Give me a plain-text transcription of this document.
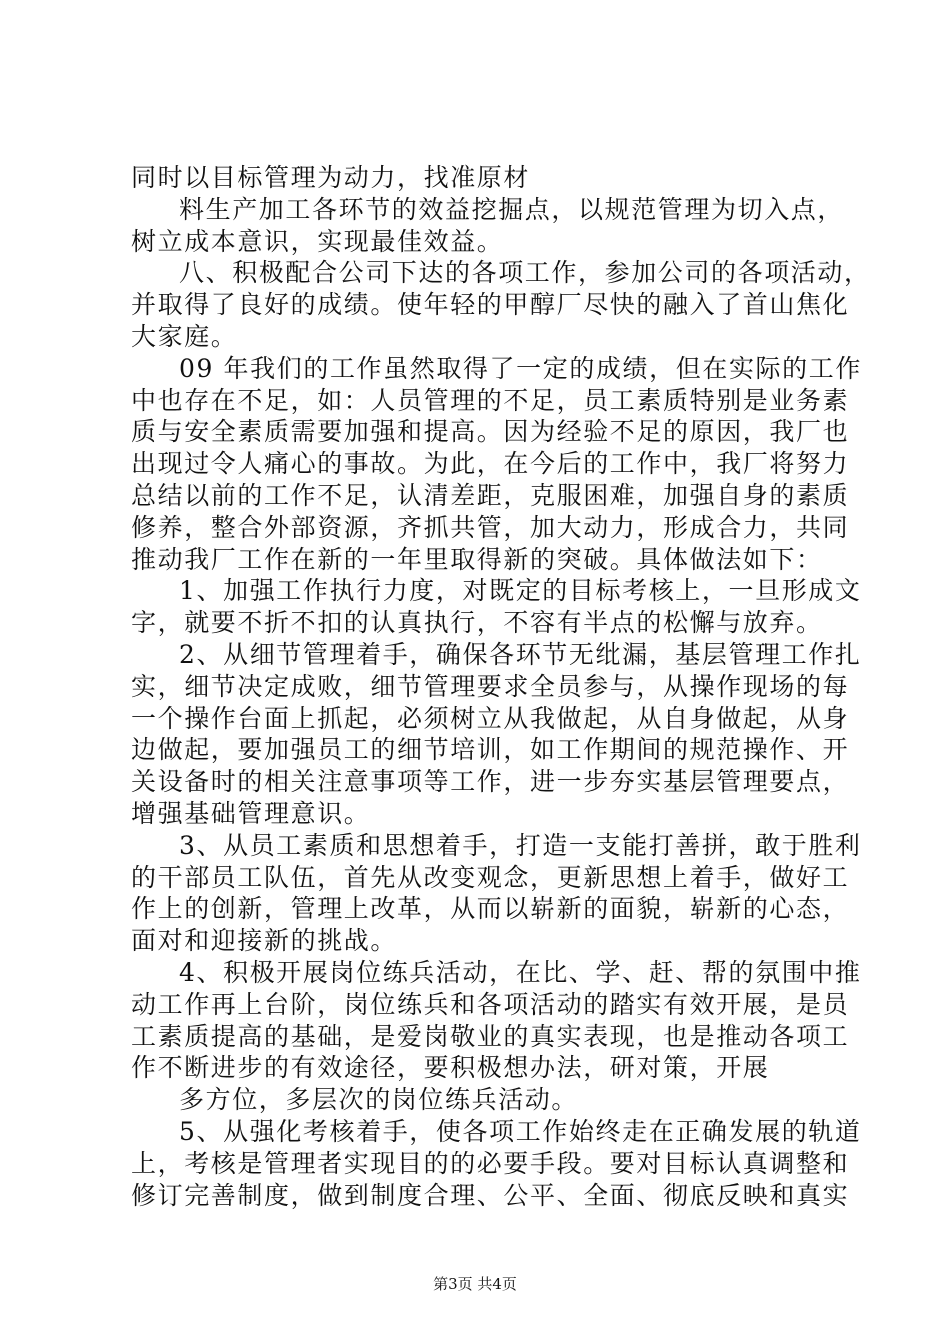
同时以目标管理为动力，找准原材
料生产加工各环节的效益挖掘点，以规范管理为切入点，
树立成本意识，实现最佳效益。
八、积极配合公司下达的各项工作，参加公司的各项活动，
并取得了良好的成绩。使年轻的甲醇厂尽快的融入了首山焦化
大家庭。
09 年我们的工作虽然取得了一定的成绩，但在实际的工作
中也存在不足，如：人员管理的不足，员工素质特别是业务素
质与安全素质需要加强和提高。因为经验不足的原因，我厂也
出现过令人痛心的事故。为此，在今后的工作中，我厂将努力
总结以前的工作不足，认清差距，克服困难，加强自身的素质
修养，整合外部资源，齐抓共管，加大动力，形成合力，共同
推动我厂工作在新的一年里取得新的突破。具体做法如下：
1、加强工作执行力度，对既定的目标考核上，一旦形成文
字，就要不折不扣的认真执行，不容有半点的松懈与放弃。
2、从细节管理着手，确保各环节无纰漏，基层管理工作扎
实，细节决定成败，细节管理要求全员参与，从操作现场的每
一个操作台面上抓起，必须树立从我做起，从自身做起，从身
边做起，要加强员工的细节培训，如工作期间的规范操作、开
关设备时的相关注意事项等工作，进一步夯实基层管理要点，
增强基础管理意识。
3、从员工素质和思想着手，打造一支能打善拼，敢于胜利
的干部员工队伍，首先从改变观念，更新思想上着手，做好工
作上的创新，管理上改革，从而以崭新的面貌，崭新的心态，
面对和迎接新的挑战。
4、积极开展岗位练兵活动，在比、学、赶、帮的氛围中推
动工作再上台阶，岗位练兵和各项活动的踏实有效开展，是员
工素质提高的基础，是爱岗敬业的真实表现，也是推动各项工
作不断进步的有效途径，要积极想办法，研对策，开展
多方位，多层次的岗位练兵活动。
5、从强化考核着手，使各项工作始终走在正确发展的轨道
上，考核是管理者实现目的的必要手段。要对目标认真调整和
修订完善制度，做到制度合理、公平、全面、彻底反映和真实
第3页 共4页
